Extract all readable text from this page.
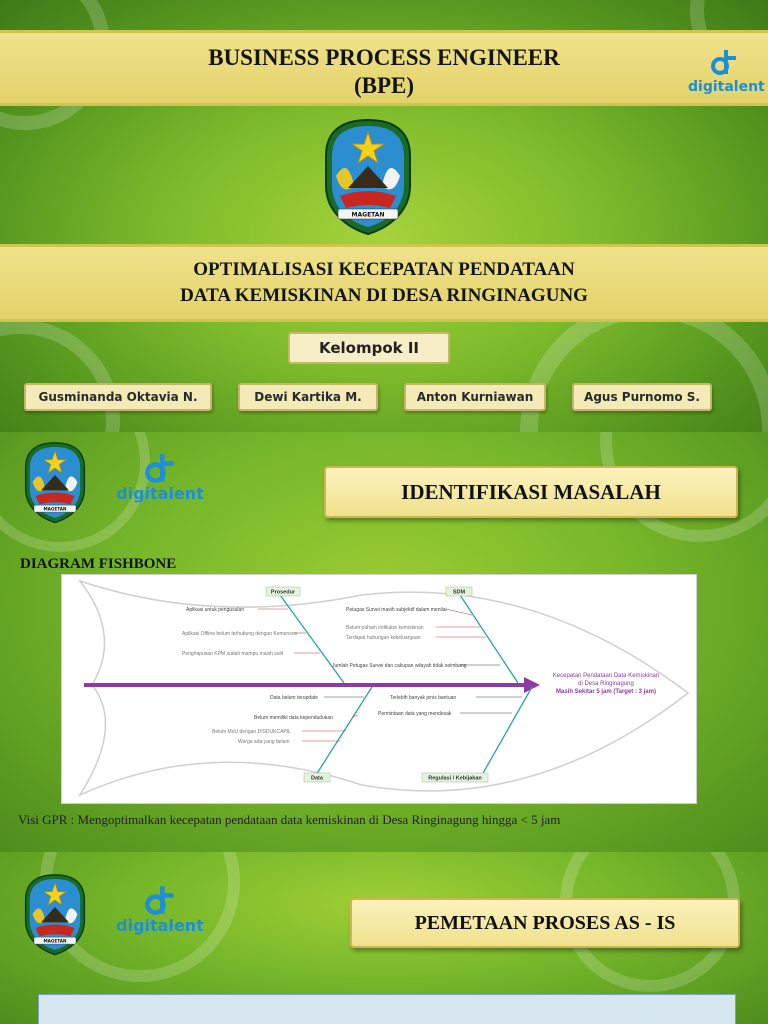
BUSINESS PROCESS ENGINEER
(BPE)	digitalent
MAGETAN
OPTIMALISASI KECEPATAN PENDATAAN
DATA KEMISKINAN DI DESA RINGINAGUNG
Kelompok II
Gusminanda Oktavia N.	Dewi Kartika M.	Anton Kurniawan	Agus Purnomo S.
MAGETAN
digitalent	IDENTIFIKASI MASALAH
DIAGRAM FISHBONE
Prosedur	SDM
Data	Regulasi / Kebijakan
Aplikasi untuk pengusulan
Aplikasi Offline belum terhubung dengan Kemensos
Penghapusan KPM sudah mampu masih sulit
Petugas Survei masih subjektif dalam menilai
Belum paham indikator kemiskinan
Terdapat hubungan kekeluargaan
Jumlah Petugas Survei dan cakupan wilayah tidak seimbang
Data belum terupdate
Belum memiliki data kependudukan
Belum MoU dengan DISDUKCAPIL
Warga ada yang belum
Terlebih banyak jenis bantuan
Permintaan data yang mendesak
Kecepatan Pendataan Data Kemiskinan
di Desa Ringinagung
Masih Sekitar 5 jam (Target : 3 jam)
Visi GPR : Mengoptimalkan kecepatan pendataan data kemiskinan di Desa Ringinagung hingga < 5 jam
MAGETAN
digitalent	PEMETAAN PROSES AS - IS
